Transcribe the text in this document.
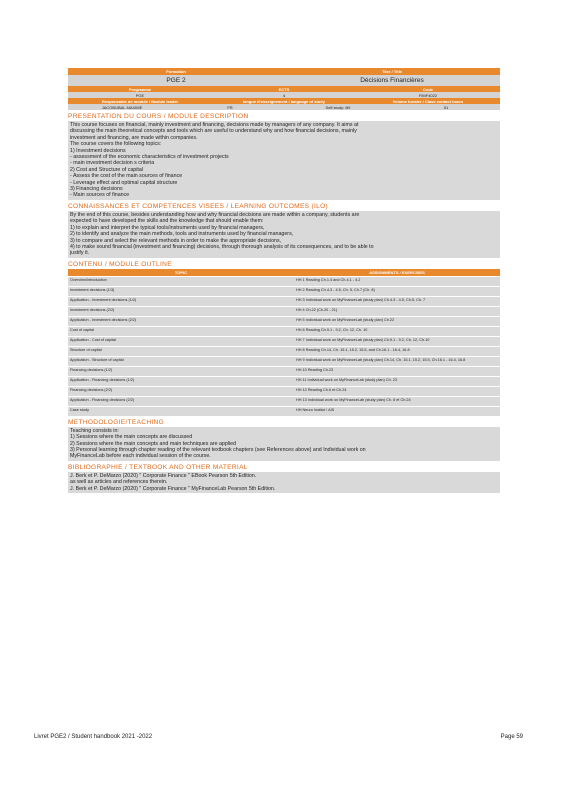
Formation	Titre / Title
PGE 2	Décisions Financières
Programme	ECTS	Code
PGE	4	FIMF4022
Responsable de module / Module leader	langue d'enseignement / language of study	Volume horaire / Class contact hours
JACOBUBAL MAXIME	FR	Self study: 8H	51
PRESENTATION DU COURS / MODULE DESCRIPTION
This course focuses on financial, mainly investment and financing, decisions made by managers of any company. It aims at
discussing the main theoretical concepts and tools which are useful to understand why and how financial decisions, mainly
investment and financing, are made within companies.
The course covers the following topics:
1) Investment decisions
- assessment of the economic characteristics of investment projects
- main investment decision s criteria
2) Cost and Structure of capital
- Assess the cost of the main sources of finance
- Leverage effect and optimal capital structure
3) Financing decisions
- Main sources of finance
CONNAISSANCES ET COMPETENCES VISEES / LEARNING OUTCOMES (ILO)
By the end of this course, besides understanding how and why financial decisions are made within a company, students are
expected to have developed the skills and the knowledge that should enable them:
1) to explain and interpret the typical tools/instruments used by financial managers,
2) to identify and analyze the main methods, tools and instruments used by financial managers,
3) to compare and select the relevant methods in order to make the appropriate decisions,
4) to make sound financial (investment and financing) decisions, through thorough analysis of its consequences, and to be able to
justify it.
CONTENU / MODULE OUTLINE
TOPIC	ASSIGNMENTS / EXERCISES
Overview/Introduction	HH 1 Reading Ch.1.4 and Ch.4.1 - 4.2
Investment decisions (1/3)	HH 2 Reading Ch.4.3 - 4.5, Ch. 5, Ch.7 (Ch. 8)
Application - Investment decisions (1/2)	HH 3 Individual work on MyFinanceLab (study plan) Ch.4.3 - 4.5, Ch.5, Ch. 7
Investment decisions (2/2)	HH 4 Ch.22 (Ch.20 - 21)
Application - Investment decisions (2/2)	HH 5 Individual work on MyFinanceLab (study plan) Ch.22
Cost of capital	HH 6 Reading Ch.9.1 - 9.2, Ch. 12, Ch. 10
Application - Cost of capital	HH 7 Individual work on MyFinanceLab (study plan) Ch.9.1 - 9.2, Ch. 12, Ch.10
Structure of capital	HH 8 Reading Ch.14, Ch. 15.1, 15.2, 15.5, and Ch.16.1 - 16.4, 16.8
Application - Structure of capital	HH 9 Individual work on MyFinanceLab (study plan) Ch.14, Ch. 15.1, 15.2, 15.5, Ch.16.1 - 16.4, 16.8
Financing decisions (1/2)	HH 10 Reading Ch.23
Application - Financing decisions (1/2)	HH 11 Individual work on MyFinanceLab (study plan) Ch. 23
Financing decisions (2/2)	HH 12 Reading Ch.6 et Ch.24
Application - Financing decisions (2/2)	HH 13 Individual work on MyFinanceLab (study plan) Ch. 6 et Ch.24
Case study	HH Neuro Institut / AIS
METHODOLOGIE/TEACHING
Teaching consists in:
1) Sessions where the main concepts are discussed
2) Sessions where the main concepts and main techniques are applied
3) Personal learning through chapter reading of the relevant textbook chapters (see References above) and Individual work on
MyFinanceLab before each individual session of the course.
BIBLIOGRAPHIE / TEXTBOOK AND OTHER MATERIAL
J. Berk et P. DeMarzo (2020) " Corporate Finance " EBook Pearson 5th Edition.
as well as articles and references therein.
J. Berk et P. DeMarzo (2020) " Corporate Finance " MyFinanceLab Pearson 5th Edition.
Livret PGE2 / Student handbook 2021 -2022	Page 59
